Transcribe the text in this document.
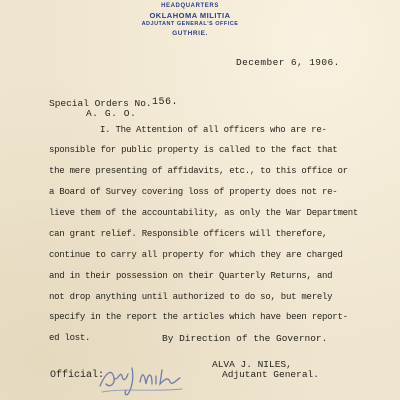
HEADQUARTERS
OKLAHOMA MILITIA
ADJUTANT GENERAL'S OFFICE
GUTHRIE.
December 6, 1906.
Special Orders No. 156.
A. G. O.
I. The Attention of all officers who are re-
sponsible for public property is called to the fact that
the mere presenting of affidavits, etc., to this office or
a Board of Survey covering loss of property does not re-
lieve them of the accountability, as only the War Department
can grant relief. Responsible officers will therefore,
continue to carry all property for which they are charged
and in their possession on their Quarterly Returns, and
not drop anything until authorized to do so, but merely
specify in the report the articles which have been report-
ed lost.	By Direction of the Governor.
ALVA J. NILES,
Adjutant General.
Official:
